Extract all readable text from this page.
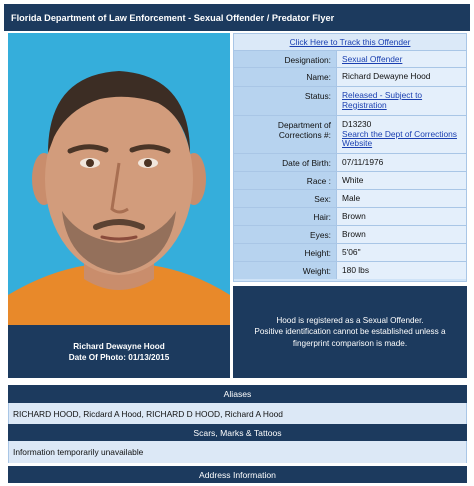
Florida Department of Law Enforcement - Sexual Offender / Predator Flyer
Richard Dewayne Hood
Date Of Photo: 01/13/2015
Click Here to Track this Offender
Designation:	Sexual Offender
Name:	Richard Dewayne Hood
Status:	Released - Subject to Registration
Department of Corrections #:
D13230
Search the Dept of Corrections Website
Date of Birth:	07/11/1976
Race :	White
Sex:	Male
Hair:	Brown
Eyes:	Brown
Height:	5'06"
Weight:	180 lbs
Hood is registered as a Sexual Offender.
Positive identification cannot be established unless a fingerprint comparison is made.
Aliases
RICHARD HOOD, Ricdard A Hood, RICHARD D HOOD, Richard A Hood
Scars, Marks & Tattoos
Information temporarily unavailable
Address Information
